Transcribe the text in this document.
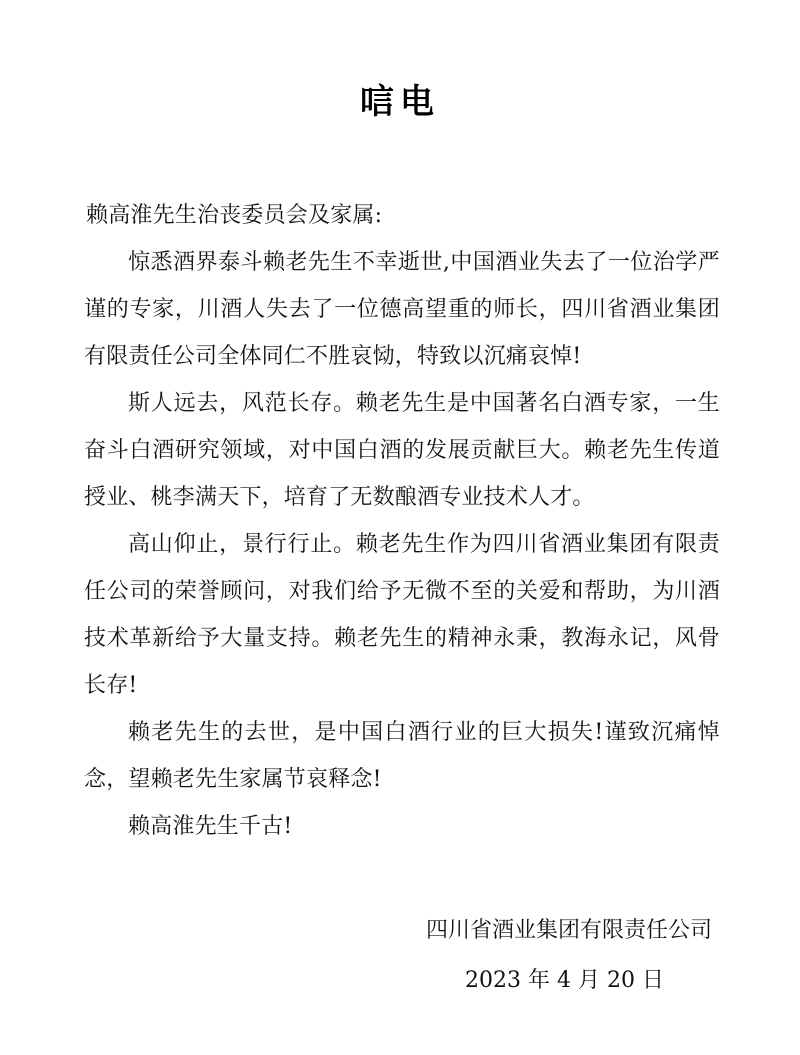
唁电

赖高淮先生治丧委员会及家属:

惊悉酒界泰斗赖老先生不幸逝世,中国酒业失去了一位治学严谨的专家，川酒人失去了一位德高望重的师长，四川省酒业集团有限责任公司全体同仁不胜哀恸，特致以沉痛哀悼!

斯人远去，风范长存。赖老先生是中国著名白酒专家，一生奋斗白酒研究领域，对中国白酒的发展贡献巨大。赖老先生传道授业、桃李满天下，培育了无数酿酒专业技术人才。

高山仰止，景行行止。赖老先生作为四川省酒业集团有限责任公司的荣誉顾问，对我们给予无微不至的关爱和帮助，为川酒技术革新给予大量支持。赖老先生的精神永秉，教海永记，风骨长存!

赖老先生的去世，是中国白酒行业的巨大损失!谨致沉痛悼念，望赖老先生家属节哀释念!

赖高淮先生千古!

四川省酒业集团有限责任公司
2023 年 4 月 20 日
